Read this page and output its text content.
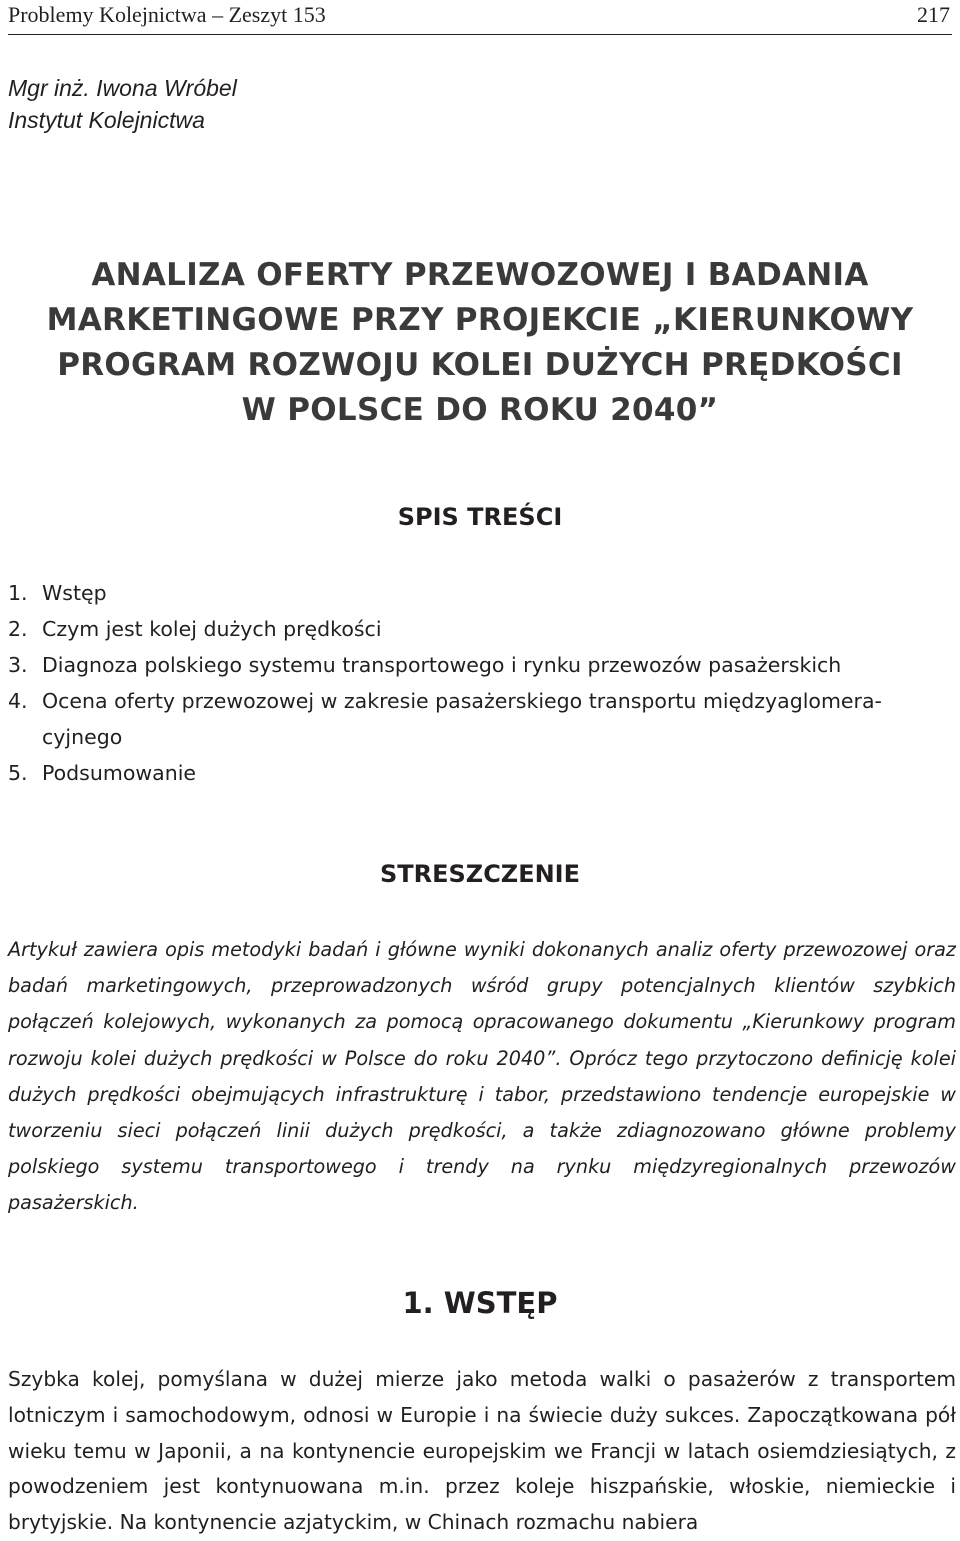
Problemy Kolejnictwa – Zeszyt 153	217
Mgr inż. Iwona Wróbel
Instytut Kolejnictwa
ANALIZA OFERTY PRZEWOZOWEJ I BADANIA
MARKETINGOWE PRZY PROJEKCIE „KIERUNKOWY
PROGRAM ROZWOJU KOLEI DUŻYCH PRĘDKOŚCI
W POLSCE DO ROKU 2040”
SPIS TREŚCI
1. Wstęp
2. Czym jest kolej dużych prędkości
3. Diagnoza polskiego systemu transportowego i rynku przewozów pasażerskich
4. Ocena oferty przewozowej w zakresie pasażerskiego transportu międzyaglomera-cyjnego
5. Podsumowanie
STRESZCZENIE

Artykuł zawiera opis metodyki badań i główne wyniki dokonanych analiz oferty przewozowej oraz badań marketingowych, przeprowadzonych wśród grupy potencjalnych klientów szybkich połączeń kolejowych, wykonanych za pomocą opracowanego dokumentu „Kierunkowy program rozwoju kolei dużych prędkości w Polsce do roku 2040”. Oprócz tego przytoczono definicję kolei dużych prędkości obejmujących infrastrukturę i tabor, przedstawiono tendencje europejskie w tworzeniu sieci połączeń linii dużych prędkości, a także zdiagnozowano główne problemy polskiego systemu transportowego i trendy na rynku międzyregionalnych przewozów pasażerskich.

1. WSTĘP

Szybka kolej, pomyślana w dużej mierze jako metoda walki o pasażerów z transportem lotniczym i samochodowym, odnosi w Europie i na świecie duży sukces. Zapoczątkowana pół wieku temu w Japonii, a na kontynencie europejskim we Francji w latach osiemdziesiątych, z powodzeniem jest kontynuowana m.in. przez koleje hiszpańskie, włoskie, niemieckie i brytyjskie. Na kontynencie azjatyckim, w Chinach rozmachu nabiera
